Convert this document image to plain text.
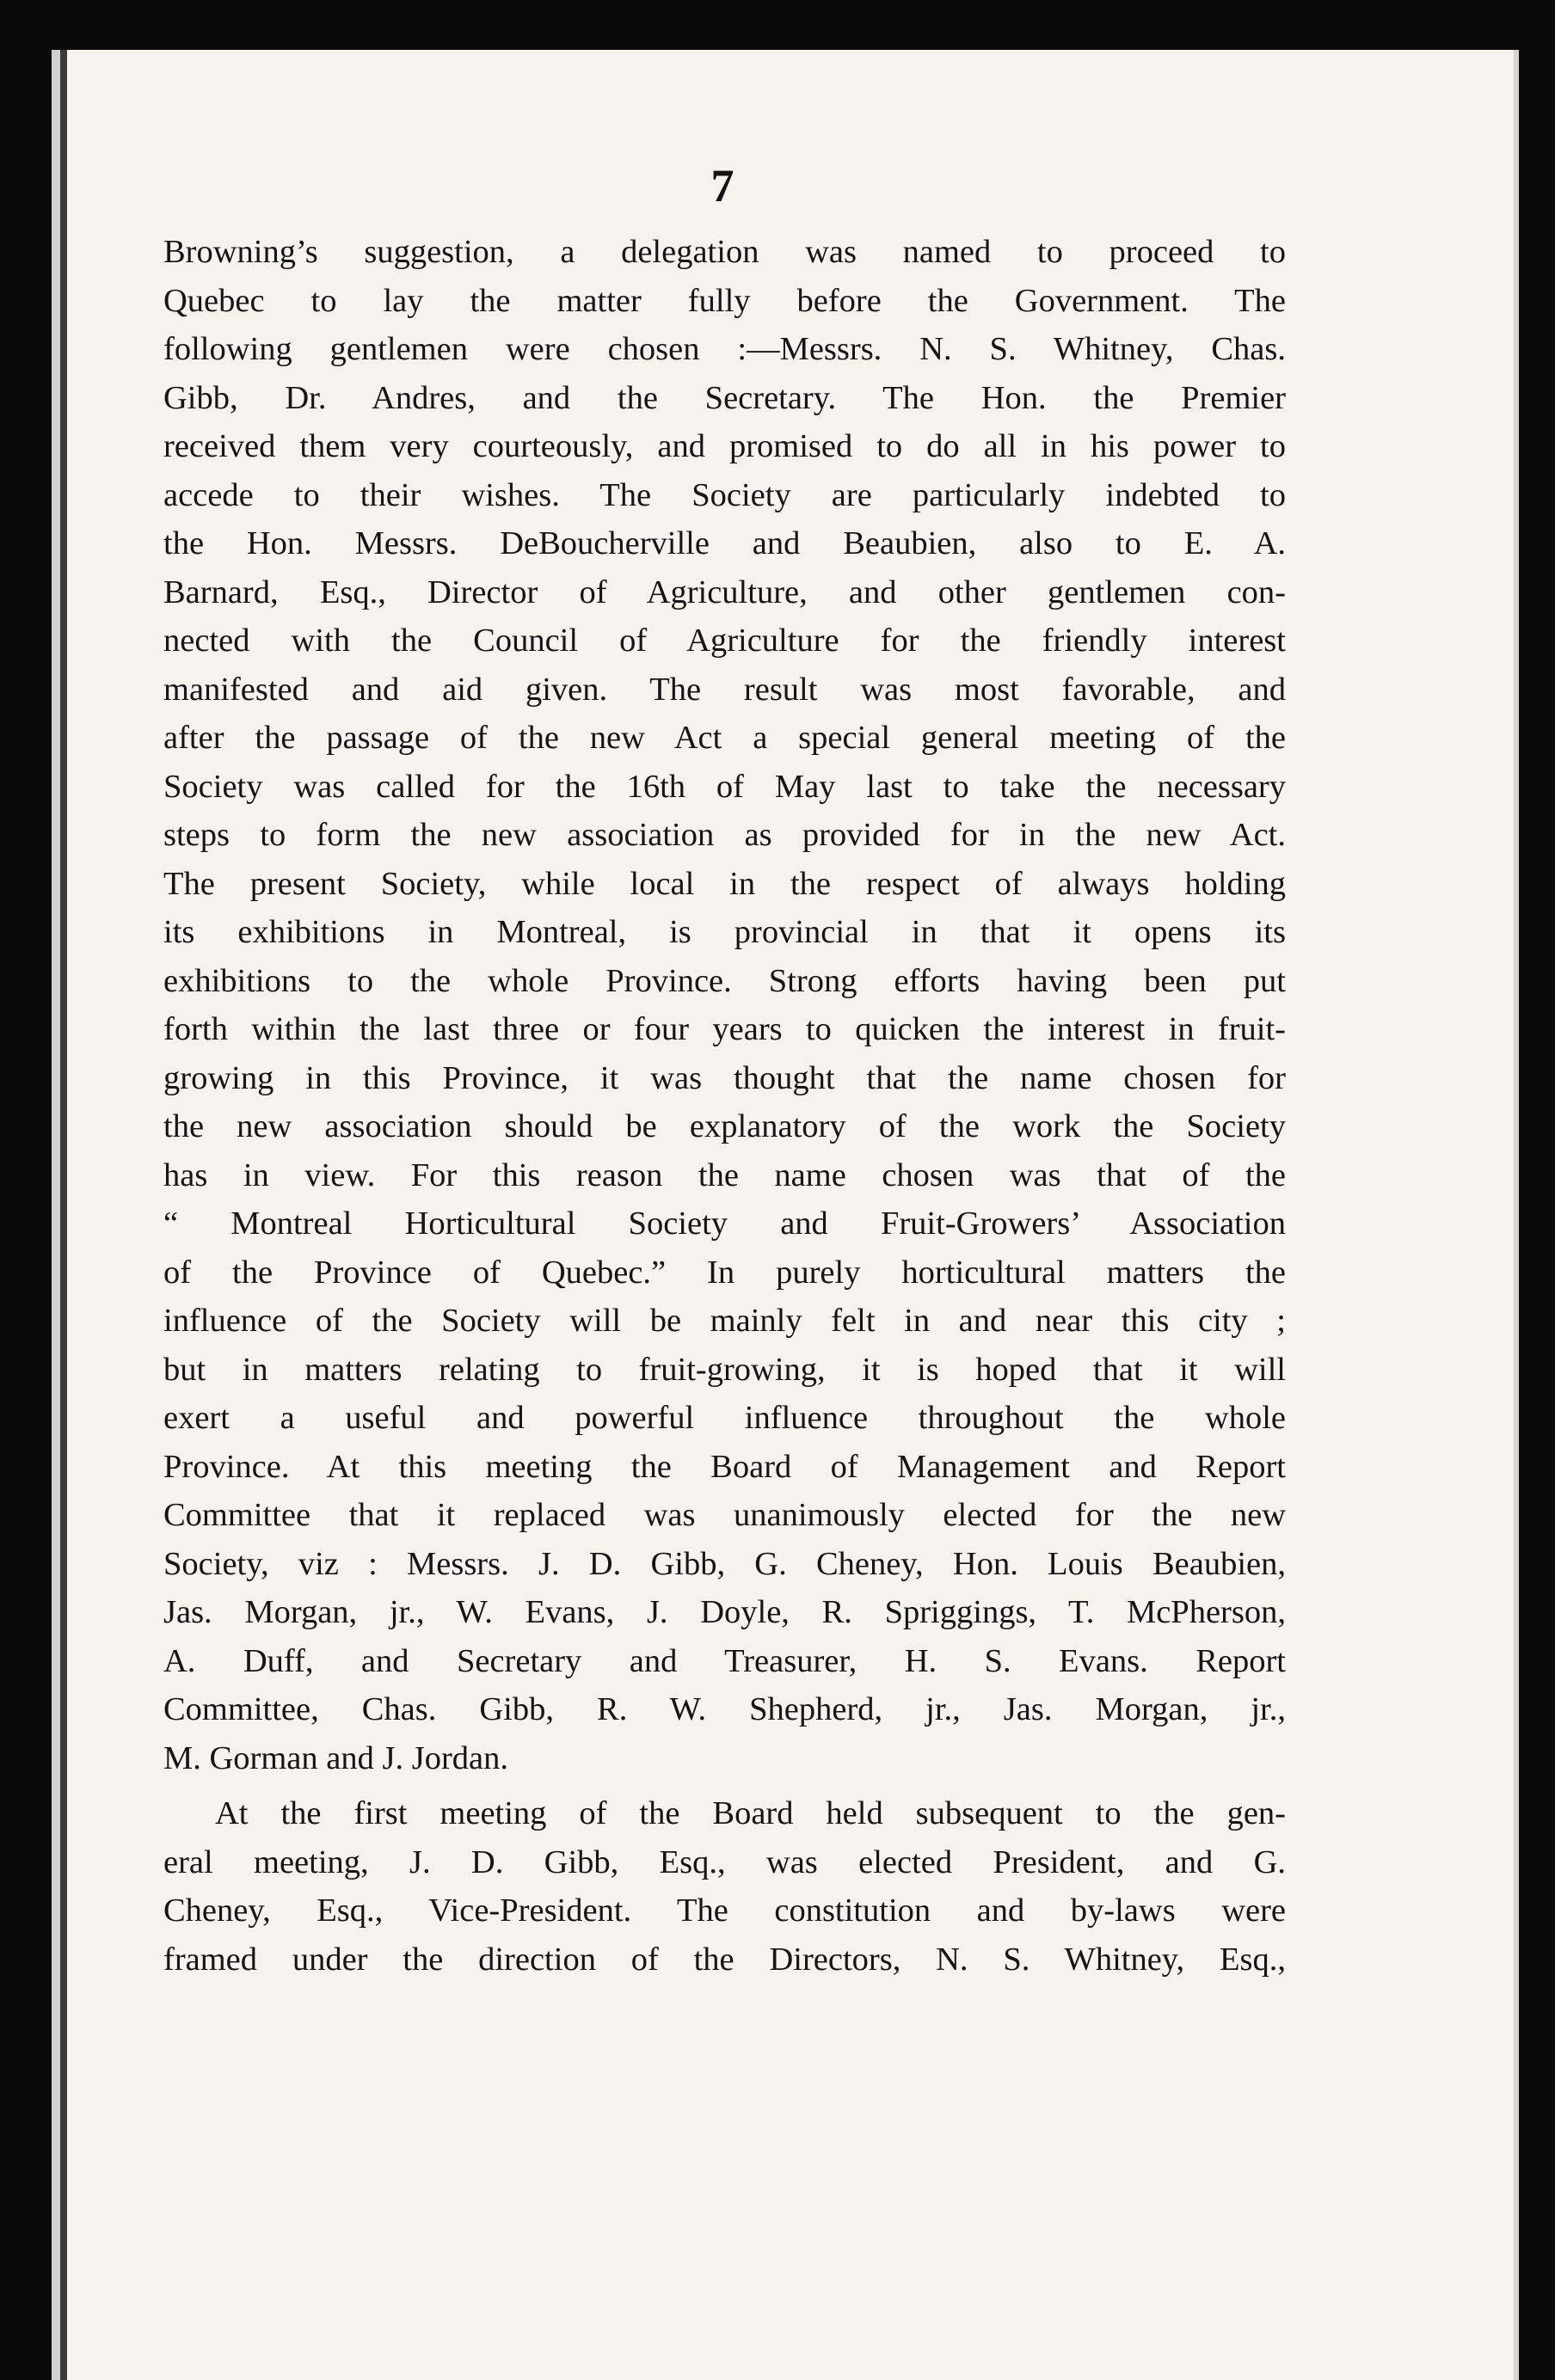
7
Browning’s suggestion, a delegation was named to proceed to
Quebec to lay the matter fully before the Government. The
following gentlemen were chosen :—Messrs. N. S. Whitney, Chas.
Gibb, Dr. Andres, and the Secretary. The Hon. the Premier
received them very courteously, and promised to do all in his power to
accede to their wishes. The Society are particularly indebted to
the Hon. Messrs. DeBoucherville and Beaubien, also to E. A.
Barnard, Esq., Director of Agriculture, and other gentlemen con-
nected with the Council of Agriculture for the friendly interest
manifested and aid given. The result was most favorable, and
after the passage of the new Act a special general meeting of the
Society was called for the 16th of May last to take the necessary
steps to form the new association as provided for in the new Act.
The present Society, while local in the respect of always holding
its exhibitions in Montreal, is provincial in that it opens its
exhibitions to the whole Province. Strong efforts having been put
forth within the last three or four years to quicken the interest in fruit-
growing in this Province, it was thought that the name chosen for
the new association should be explanatory of the work the Society
has in view. For this reason the name chosen was that of the
“ Montreal Horticultural Society and Fruit-Growers’ Association
of the Province of Quebec.” In purely horticultural matters the
influence of the Society will be mainly felt in and near this city ;
but in matters relating to fruit-growing, it is hoped that it will
exert a useful and powerful influence throughout the whole
Province. At this meeting the Board of Management and Report
Committee that it replaced was unanimously elected for the new
Society, viz : Messrs. J. D. Gibb, G. Cheney, Hon. Louis Beaubien,
Jas. Morgan, jr., W. Evans, J. Doyle, R. Spriggings, T. McPherson,
A. Duff, and Secretary and Treasurer, H. S. Evans. Report
Committee, Chas. Gibb, R. W. Shepherd, jr., Jas. Morgan, jr.,
M. Gorman and J. Jordan.
At the first meeting of the Board held subsequent to the gen-
eral meeting, J. D. Gibb, Esq., was elected President, and G.
Cheney, Esq., Vice-President. The constitution and by-laws were
framed under the direction of the Directors, N. S. Whitney, Esq.,
